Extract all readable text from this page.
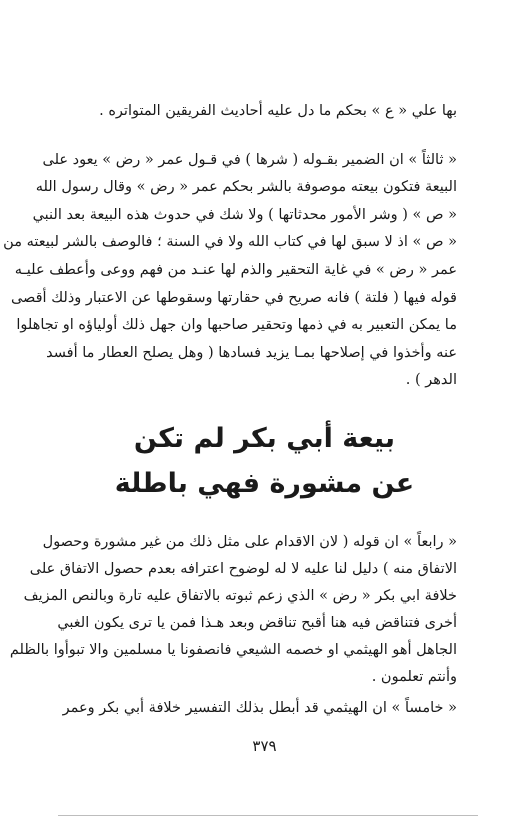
بها علي « ع » بحكم ما دل عليه أحاديث الفريقين المتواتره .
« ثالثاً » ان الضمير بقـوله ( شرها ) في قـول عمر « رض » يعود على
البيعة فتكون بيعته موصوفة بالشر بحكم عمر « رض » وقال رسول الله
« ص » ( وشر الأمور محدثاتها ) ولا شك في حدوث هذه البيعة بعد النبي
« ص » اذ لا سبق لها في كتاب الله ولا في السنة ؛ فالوصف بالشر لبيعته من
عمر « رض » في غاية التحقير والذم لها عنـد من فهم ووعى وأعطف عليـه
قوله فيها ( فلتة ) فانه صريح في حقارتها وسقوطها عن الاعتبار وذلك أقصى
ما يمكن التعبير به في ذمها وتحقير صاحبها وان جهل ذلك أولياؤه او تجاهلوا
عنه وأخذوا في إصلاحها بمـا يزيد فسادها ( وهل يصلح العطار ما أفسد
الدهر ) .
بيعة أبي بكر لم تكن
عن مشورة فهي باطلة
« رابعاً » ان قوله ( لان الاقدام على مثل ذلك من غير مشورة وحصول
الاتفاق منه ) دليل لنا عليه لا له لوضوح اعترافه بعدم حصول الاتفاق على
خلافة ابي بكر « رض » الذي زعم ثبوته بالاتفاق عليه تارة وبالنص المزيف
أخرى فتناقض فيه هنا أقبح تناقض وبعد هـذا فمن يا ترى يكون الغبي
الجاهل أهو الهيثمي او خصمه الشيعي فانصفونا يا مسلمين والا تبوأوا بالظلم
وأنتم تعلمون .
« خامساً » ان الهيثمي قد أبطل بذلك التفسير خلافة أبي بكر وعمر
٣٧٩
